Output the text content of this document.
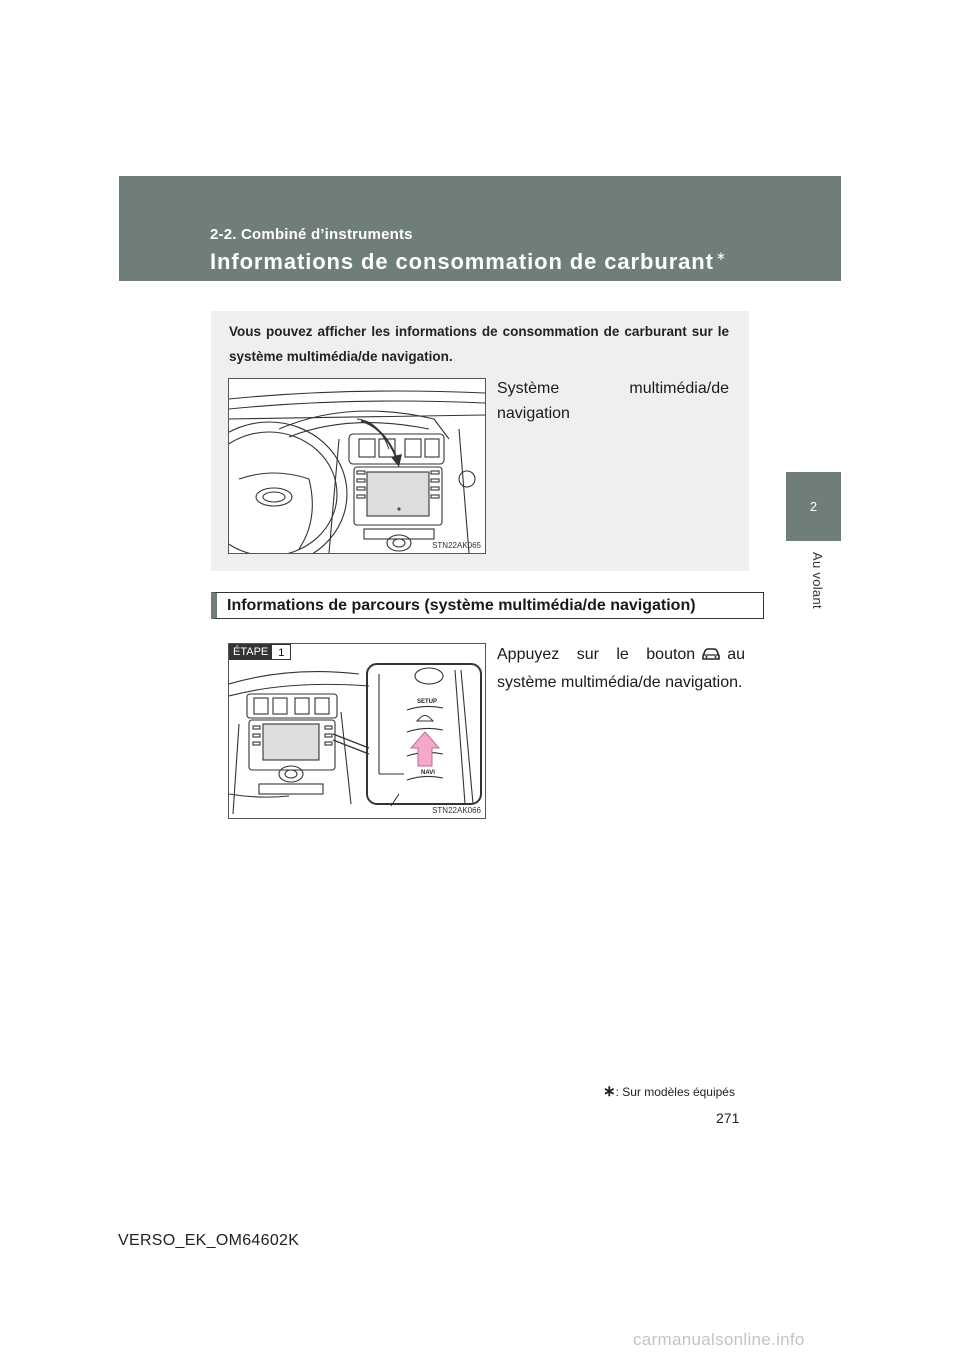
2-2. Combiné d’instruments
Informations de consommation de carburant ∗
2
Au volant
Vous pouvez afficher les informations de consommation de carburant sur le système multimédia/de navigation.
STN22AK065
Système multimédia/de navigation
Informations de parcours (système multimédia/de navigation)
SETUP
NAVI
ÉTAPE 1
STN22AK066
Appuyez sur le bouton au système multimédia/de navigation.
∗: Sur modèles équipés
271
VERSO_EK_OM64602K
carmanualsonline.info
